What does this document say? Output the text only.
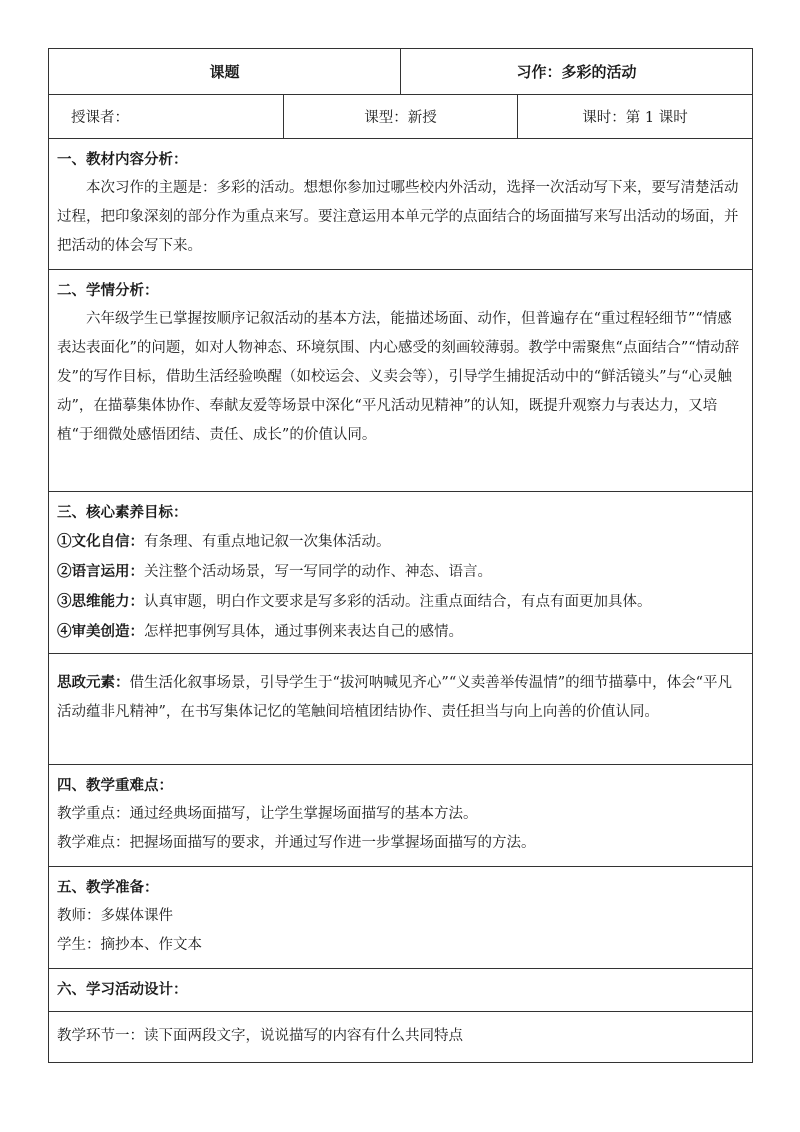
课题		习作：多彩的活动	
授课者：	课型：新授		课时：第 1 课时

一、教材内容分析：

本次习作的主题是：多彩的活动。想想你参加过哪些校内外活动，选择一次活动写下来，要写清楚活动过程，把印象深刻的部分作为重点来写。要注意运用本单元学的点面结合的场面描写来写出活动的场面，并把活动的体会写下来。			

二、学情分析：

六年级学生已掌握按顺序记叙活动的基本方法，能描述场面、动作，但普遍存在“重过程轻细节”“情感表达表面化”的问题，如对人物神态、环境氛围、内心感受的刻画较薄弱。教学中需聚焦“点面结合”“情动辞发”的写作目标，借助生活经验唤醒（如校运会、义卖会等），引导学生捕捉活动中的“鲜活镜头”与“心灵触动”，在描摹集体协作、奉献友爱等场景中深化“平凡活动见精神”的认知，既提升观察力与表达力，又培植“于细微处感悟团结、责任、成长”的价值认同。			

三、核心素养目标：

①文化自信：有条理、有重点地记叙一次集体活动。

②语言运用：关注整个活动场景，写一写同学的动作、神态、语言。

③思维能力：认真审题，明白作文要求是写多彩的活动。注重点面结合，有点有面更加具体。

④审美创造：怎样把事例写具体，通过事例来表达自己的感情。			

思政元素：借生活化叙事场景，引导学生于“拔河呐喊见齐心”“义卖善举传温情”的细节描摹中，体会“平凡活动蕴非凡精神”，在书写集体记忆的笔触间培植团结协作、责任担当与向上向善的价值认同。			

四、教学重难点：

教学重点：通过经典场面描写，让学生掌握场面描写的基本方法。

教学难点：把握场面描写的要求，并通过写作进一步掌握场面描写的方法。			

五、教学准备：

教师：多媒体课件

学生：摘抄本、作文本			

六、学习活动设计：			

教学环节一：读下面两段文字，说说描写的内容有什么共同特点			
